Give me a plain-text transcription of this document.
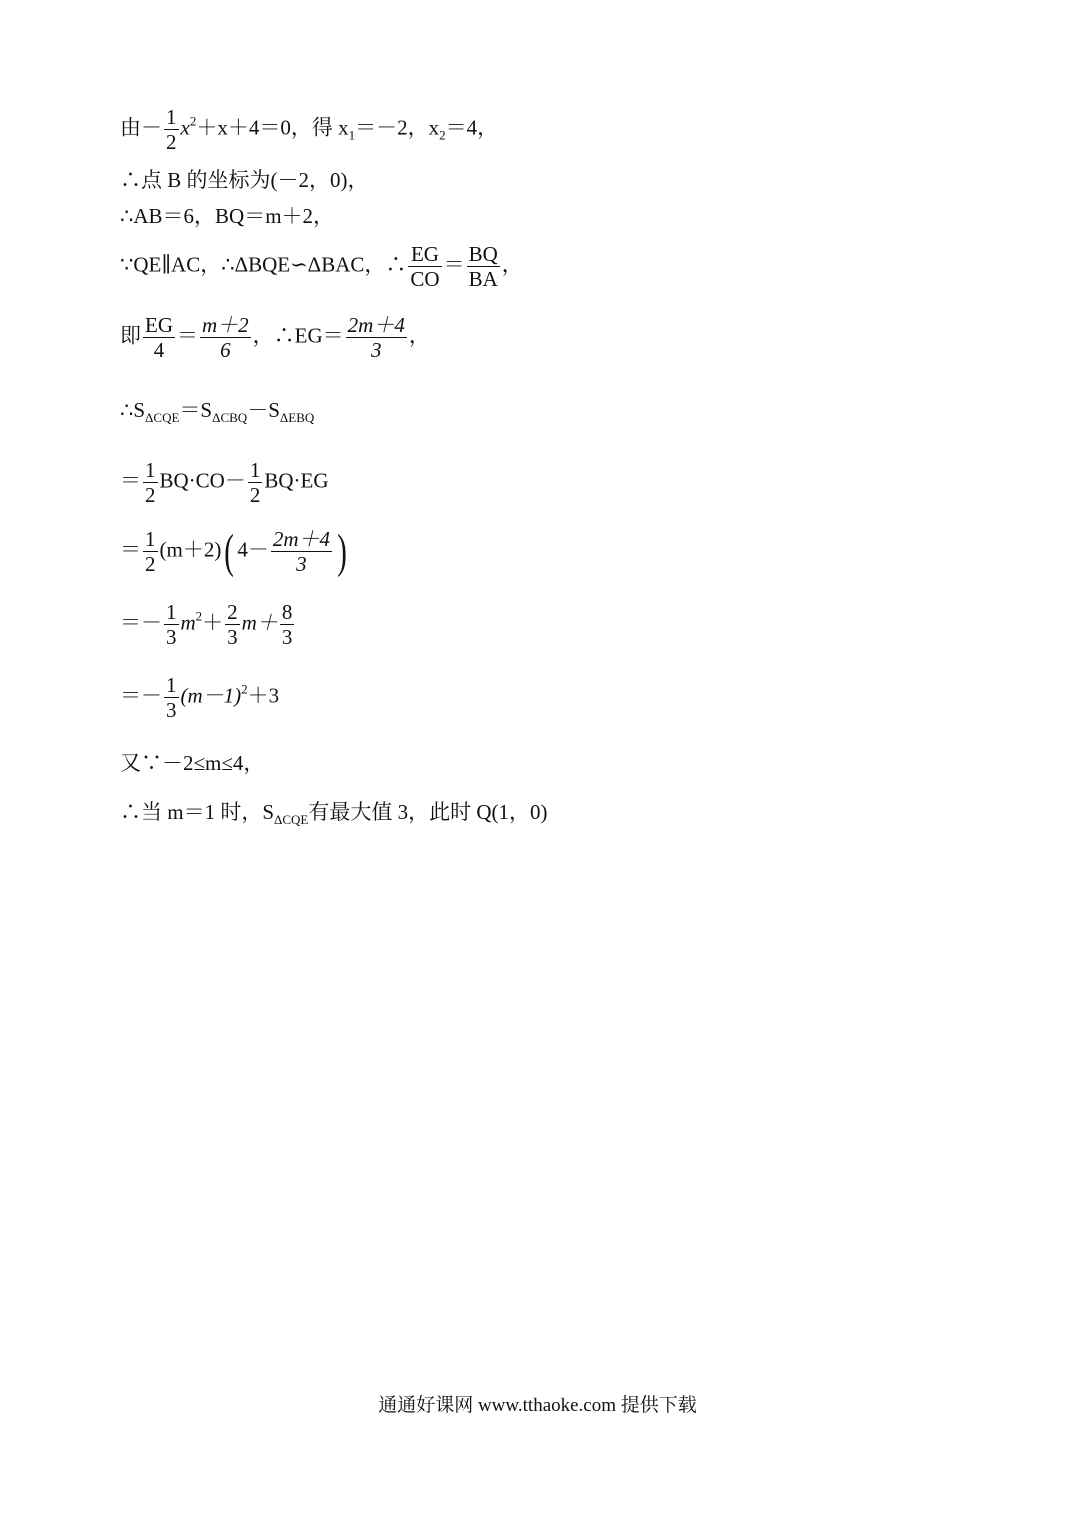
由－ $\frac{1}{2} x^2+x+4=0$，得 $x_1=-2$，$x_2=4$，
∴点 B 的坐标为(－2，0)，
∴AB＝6，BQ＝m＋2，
∵QE∥AC，∴ΔBQE∽ΔBAC，∴ $\frac{EG}{CO} = \frac{BQ}{BA}$ ，
即 $\frac{EG}{4} = \frac{m+2}{6}$ ，∴EG＝ $\frac{2m+4}{3}$ ，
$\therefore S_{\Delta CQE}=S_{\Delta CBQ}-S_{\Delta EBQ}$
＝ $\frac{1}{2} BQ\cdot CO- \frac{1}{2} BQ\cdot EG$
＝ $\frac{1}{2} (m+2)$( $4- \frac{2m+4}{3}$ )
＝－ $\frac{1}{3} m^2+ \frac{2}{3} m+ \frac{8}{3}$
＝－ $\frac{1}{3} (m-1)^2+3$
又∵－2≤m≤4，
∴当 m＝1 时，$S_{\Delta CQE}$有最大值 3，此时 Q(1，0)
通通好课网 www.tthaoke.com 提供下载
